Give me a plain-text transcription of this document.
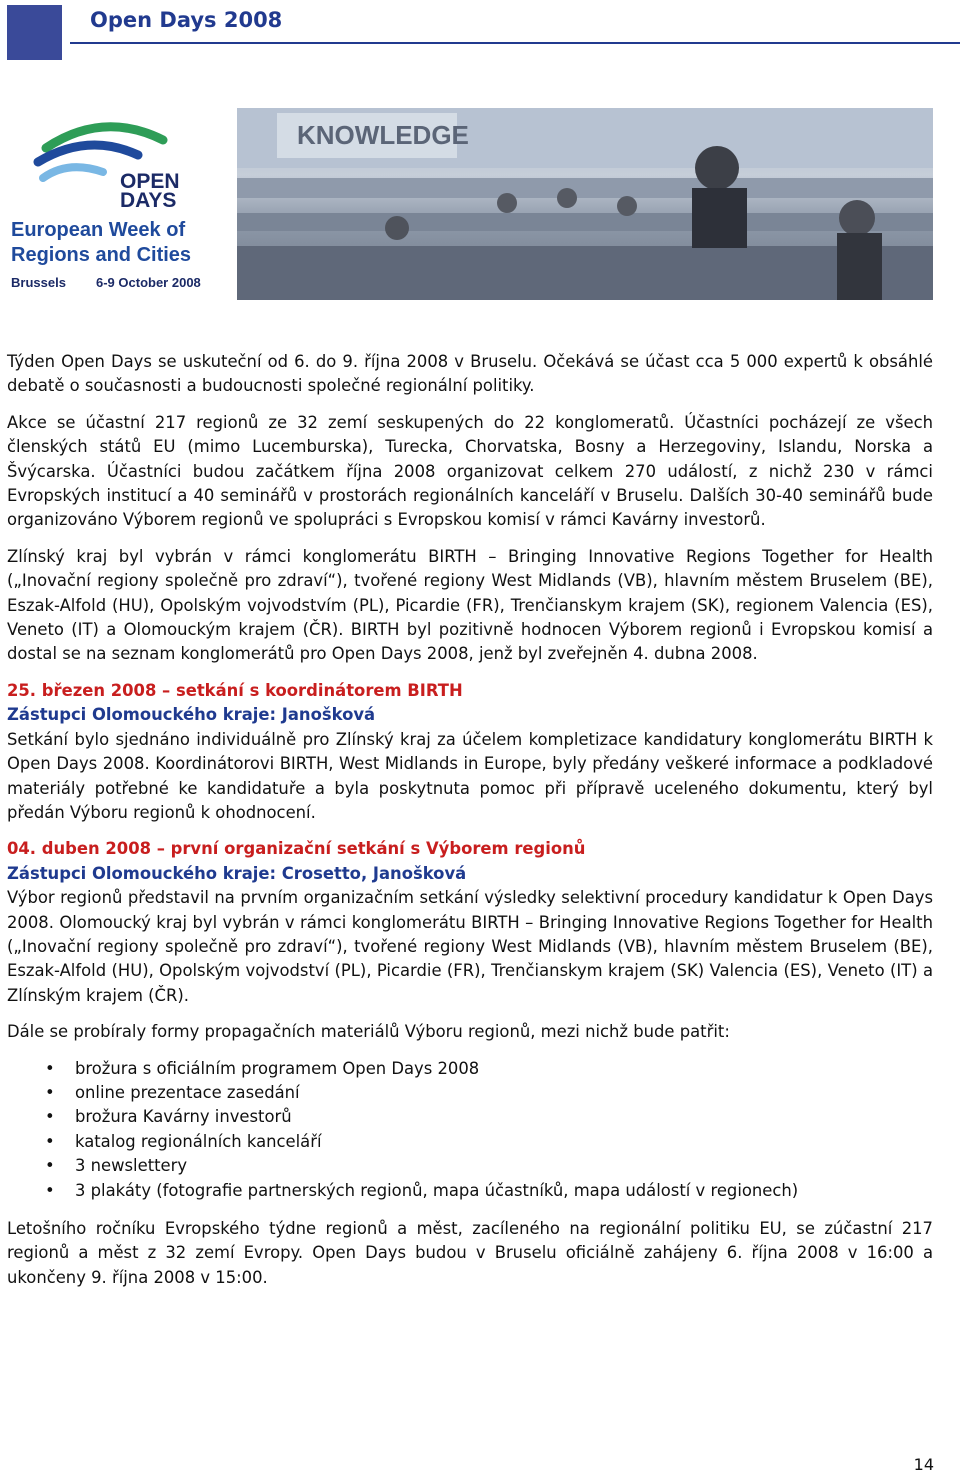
Open Days 2008
OPEN
DAYS
European Week of
Regions and Cities
Brussels 6-9 October 2008
KNOWLEDGE

Týden Open Days se uskuteční od 6. do 9. října 2008 v Bruselu. Očekává se účast cca 5 000 expertů k obsáhlé debatě o současnosti a budoucnosti společné regionální politiky.

Akce se účastní 217 regionů ze 32 zemí seskupených do 22 konglomeratů. Účastníci pocházejí ze všech členských států EU (mimo Lucemburska), Turecka, Chorvatska, Bosny a Herzegoviny, Islandu, Norska a Švýcarska. Účastníci budou začátkem října 2008 organizovat celkem 270 událostí, z nichž 230 v rámci Evropských institucí a 40 seminářů v prostorách regionálních kanceláří v Bruselu. Dalších 30-40 seminářů bude organizováno Výborem regionů ve spolupráci s Evropskou komisí v rámci Kavárny investorů.

Zlínský kraj byl vybrán v rámci konglomerátu BIRTH – Bringing Innovative Regions Together for Health („Inovační regiony společně pro zdraví“), tvořené regiony West Midlands (VB), hlavním městem Bruselem (BE), Eszak-Alfold (HU), Opolským vojvodstvím (PL), Picardie (FR), Trenčianskym krajem (SK), regionem Valencia (ES), Veneto (IT) a Olomouckým krajem (ČR). BIRTH byl pozitivně hodnocen Výborem regionů i Evropskou komisí a dostal se na seznam konglomerátů pro Open Days 2008, jenž byl zveřejněn 4. dubna 2008.

25. březen 2008 – setkání s koordinátorem BIRTH
Zástupci Olomouckého kraje: Janošková

Setkání bylo sjednáno individuálně pro Zlínský kraj za účelem kompletizace kandidatury konglomerátu BIRTH k Open Days 2008. Koordinátorovi BIRTH, West Midlands in Europe, byly předány veškeré informace a podkladové materiály potřebné ke kandidatuře a byla poskytnuta pomoc při přípravě uceleného dokumentu, který byl předán Výboru regionů k ohodnocení.

04. duben 2008 – první organizační setkání s Výborem regionů
Zástupci Olomouckého kraje: Crosetto, Janošková

Výbor regionů představil na prvním organizačním setkání výsledky selektivní procedury kandidatur k Open Days 2008. Olomoucký kraj byl vybrán v rámci konglomerátu BIRTH – Bringing Innovative Regions Together for Health („Inovační regiony společně pro zdraví“), tvořené regiony West Midlands (VB), hlavním městem Bruselem (BE), Eszak-Alfold (HU), Opolským vojvodství (PL), Picardie (FR), Trenčianskym krajem (SK) Valencia (ES), Veneto (IT) a Zlínským krajem (ČR).

Dále se probíraly formy propagačních materiálů Výboru regionů, mezi nichž bude patřit:

• brožura s oficiálním programem Open Days 2008
• online prezentace zasedání
• brožura Kavárny investorů
• katalog regionálních kanceláří
• 3 newslettery
• 3 plakáty (fotografie partnerských regionů, mapa účastníků, mapa událostí v regionech)

Letošního ročníku Evropského týdne regionů a měst, zacíleného na regionální politiku EU, se zúčastní 217 regionů a měst z 32 zemí Evropy. Open Days budou v Bruselu oficiálně zahájeny 6. října 2008 v 16:00 a ukončeny 9. října 2008 v 15:00.

14
